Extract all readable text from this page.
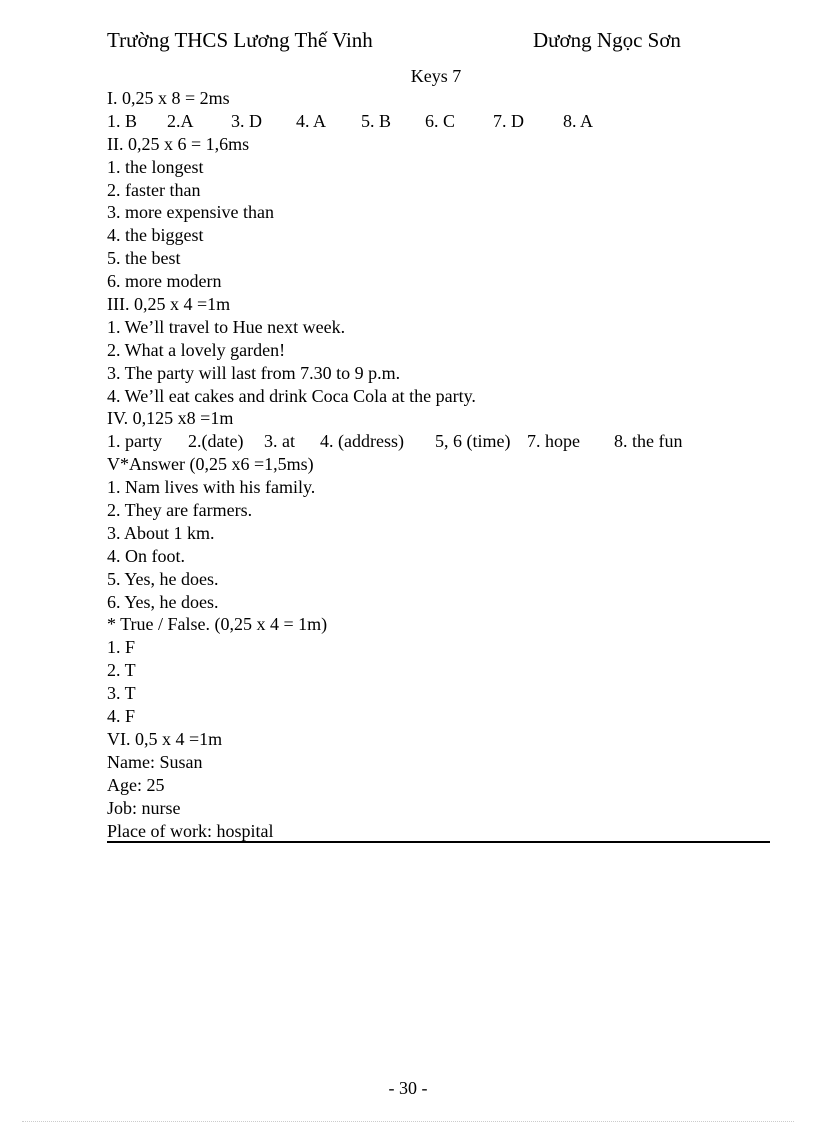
Trường THCS Lương Thế Vinh	Dương Ngọc Sơn
Keys 7
I. 0,25 x 8 = 2ms
1. B 2.A 3. D 4. A 5. B 6. C 7. D 8. A
II. 0,25 x 6 = 1,6ms
1. the longest
2. faster than
3. more expensive than
4. the biggest
5. the best
6. more modern
III. 0,25 x 4 =1m
1. We’ll travel to Hue next week.
2. What a lovely garden!
3. The party will last from 7.30 to 9 p.m.
4. We’ll eat cakes and drink Coca Cola at the party.
IV. 0,125 x8 =1m
1. party 2.(date) 3. at 4. (address) 5, 6 (time) 7. hope 8. the fun
V*Answer (0,25 x6 =1,5ms)
1. Nam lives with his family.
2. They are farmers.
3. About 1 km.
4. On foot.
5. Yes, he does.
6. Yes, he does.
* True / False. (0,25 x 4 = 1m)
1. F
2. T
3. T
4. F
VI. 0,5 x 4 =1m
Name: Susan
Age: 25
Job: nurse
Place of work: hospital
- 30 -
